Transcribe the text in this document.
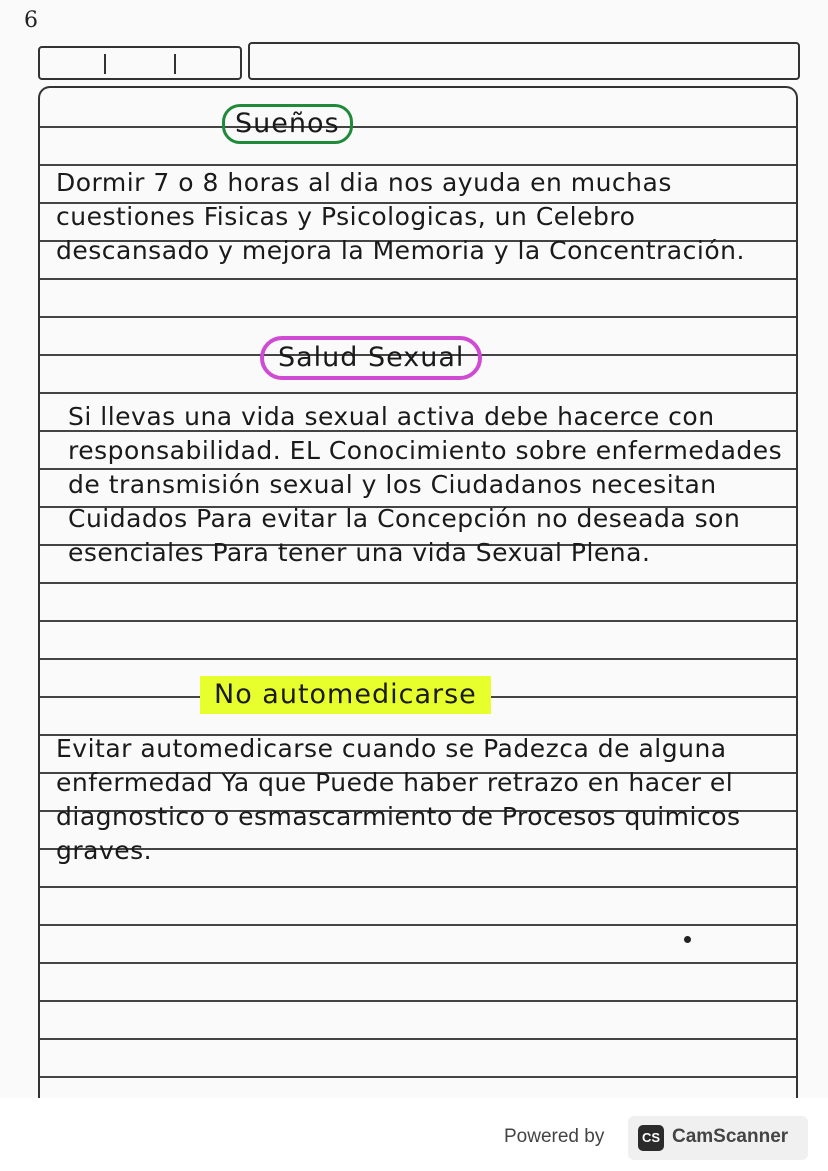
6
Sueños
Dormir 7 o 8 horas al dia nos ayuda en muchas cuestiones Fisicas y Psicologicas, un Celebro descansado y mejora la Memoria y la Concentración.
Salud Sexual
Si llevas una vida sexual activa debe hacerce con responsabilidad. EL Conocimiento sobre enfermedades de transmisión sexual y los Ciudadanos necesitan Cuidados Para evitar la Concepción no deseada son esenciales Para tener una vida Sexual Plena.
No automedicarse
Evitar automedicarse cuando se Padezca de alguna enfermedad Ya que Puede haber retrazo en hacer el diagnostico o esmascarmiento de Procesos quimicos graves.
Powered by	CS CamScanner
